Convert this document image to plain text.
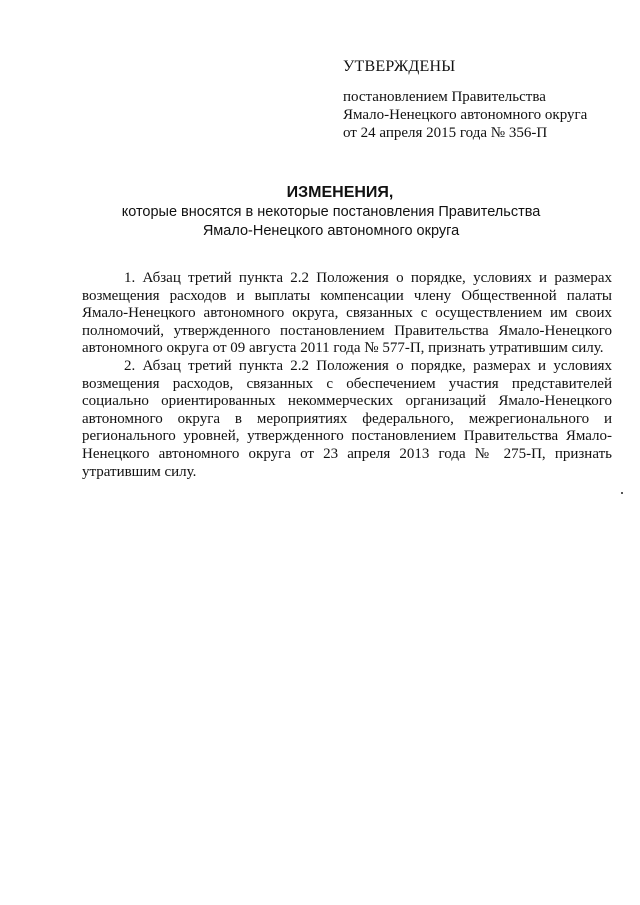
УТВЕРЖДЕНЫ
постановлением Правительства
Ямало-Ненецкого автономного округа
от 24 апреля 2015 года № 356-П
ИЗМЕНЕНИЯ,
которые вносятся в некоторые постановления Правительства
Ямало-Ненецкого автономного округа
1. Абзац третий пункта 2.2 Положения о порядке, условиях и размерах
возмещения расходов и выплаты компенсации члену Общественной палаты
Ямало-Ненецкого автономного округа, связанных с осуществлением им своих
полномочий, утвержденного постановлением Правительства Ямало-Ненецкого
автономного округа от 09 августа 2011 года № 577-П, признать утратившим силу.
2. Абзац третий пункта 2.2 Положения о порядке, размерах и условиях
возмещения расходов, связанных с обеспечением участия представителей
социально ориентированных некоммерческих организаций Ямало-Ненецкого
автономного округа в мероприятиях федерального, межрегионального и
регионального уровней, утвержденного постановлением Правительства Ямало-
Ненецкого автономного округа от 23 апреля 2013 года № 275-П, признать
утратившим силу.
